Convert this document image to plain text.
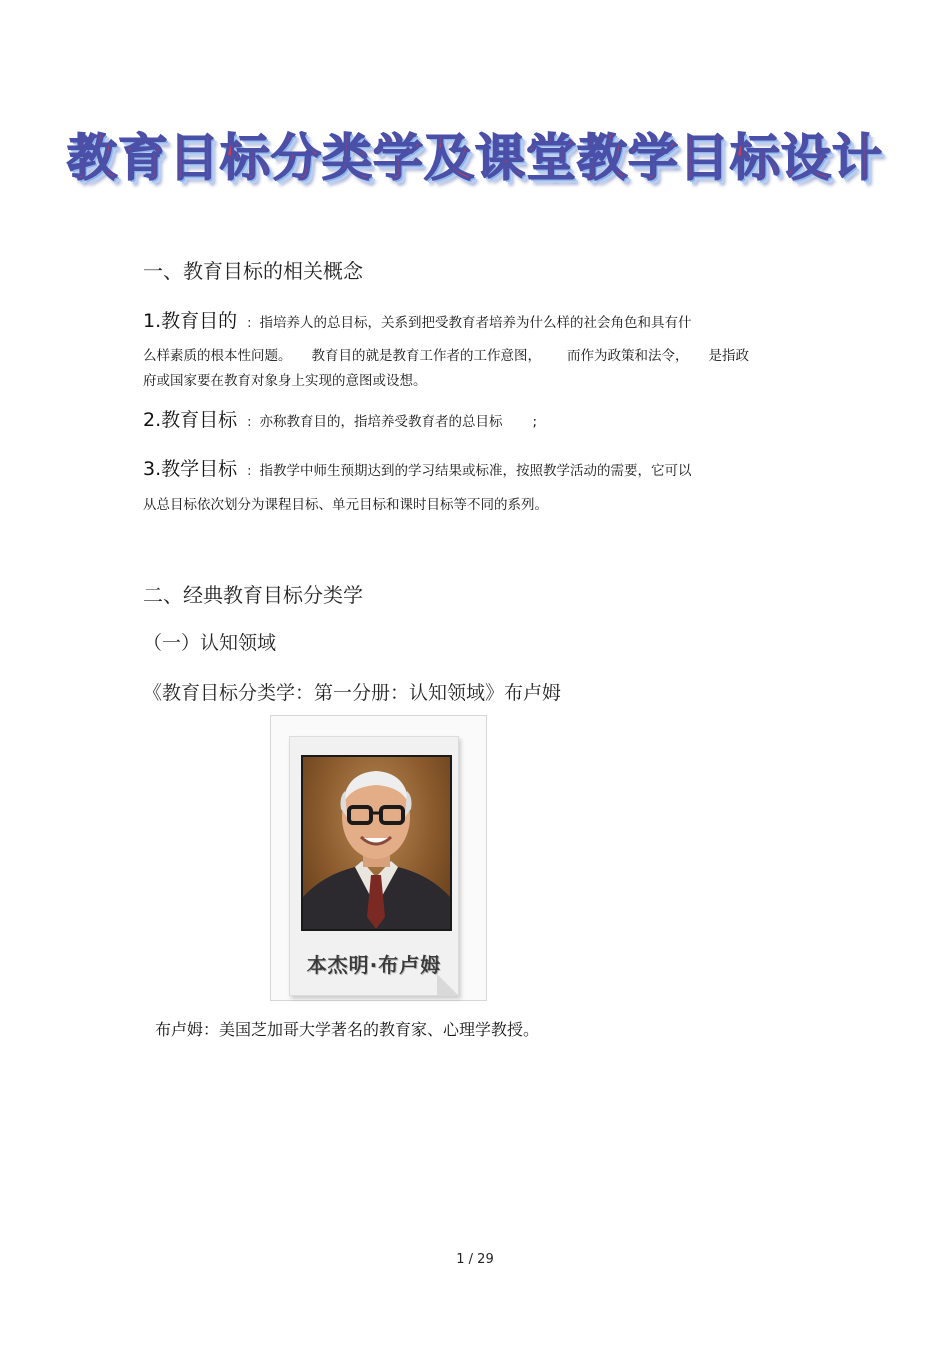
教育目标分类学及课堂教学目标设计
一、教育目标的相关概念
1.教育目的 : 指培养人的总目标，关系到把受教育者培养为什么样的社会角色和具有什
么样素质的根本性问题。 教育目的就是教育工作者的工作意图， 而作为政策和法令， 是指政
府或国家要在教育对象身上实现的意图或设想。
2.教育目标 : 亦称教育目的，指培养受教育者的总目标 ;
3.教学目标 : 指教学中师生预期达到的学习结果或标准，按照教学活动的需要，它可以
从总目标依次划分为课程目标、单元目标和课时目标等不同的系列。
二、经典教育目标分类学
（一）认知领域
《教育目标分类学：第一分册：认知领域》布卢姆
本杰明·布卢姆
布卢姆：美国芝加哥大学著名的教育家、心理学教授。
1 / 29
